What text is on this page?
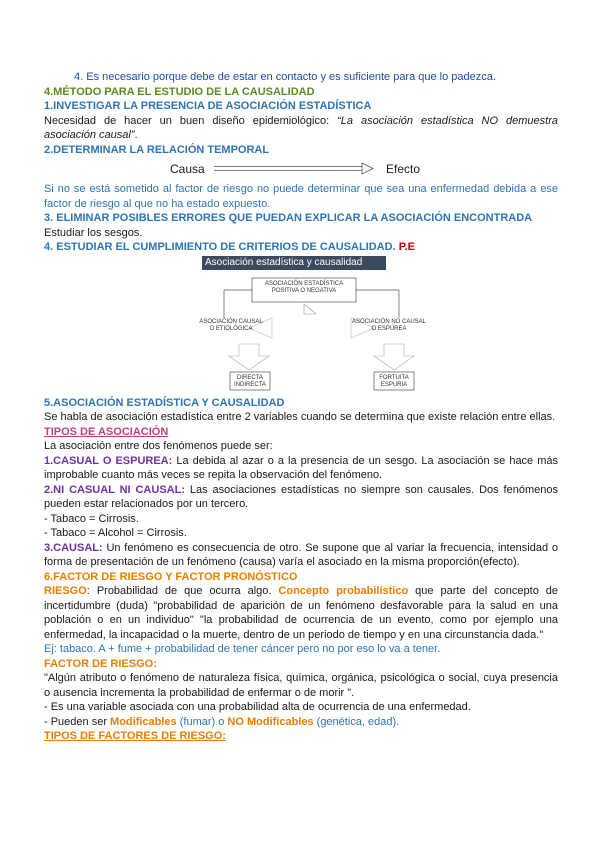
4. Es necesario porque debe de estar en contacto y es suficiente para que lo padezca.

4.MÉTODO PARA EL ESTUDIO DE LA CAUSALIDAD

1.INVESTIGAR LA PRESENCIA DE ASOCIACIÓN ESTADÍSTICA

Necesidad de hacer un buen diseño epidemiológico: “La asociación estadística NO demuestra asociación causal”.

2.DETERMINAR LA RELACIÓN TEMPORAL

Causa	Efecto

Si no se está sometido al factor de riesgo no puede determinar que sea una enfermedad debida a ese factor de riesgo al que no ha estado expuesto.

3. ELIMINAR POSIBLES ERRORES QUE PUEDAN EXPLICAR LA ASOCIACIÓN ENCONTRADA

Estudiar los sesgos.

4. ESTUDIAR EL CUMPLIMIENTO DE CRITERIOS DE CAUSALIDAD. P.E

Asociación estadística y causalidad
ASOCIACIÓN ESTADÍSTICA
POSITIVA O NEGATIVA
ASOCIACIÓN CAUSAL
O ETIOLÓGICA
ASOCIACIÓN NO CAUSAL
O ESPÚREA
DIRECTA
INDIRECTA
FORTUITA
ESPURIA

5.ASOCIACIÓN ESTADÍSTICA Y CAUSALIDAD

Se habla de asociación estadística entre 2 variables cuando se determina que existe relación entre ellas.

TIPOS DE ASOCIACIÓN

La asociación entre dos fenómenos puede ser:

1.CASUAL O ESPUREA: La debida al azar o a la presencia de un sesgo. La asociación se hace más improbable cuanto más veces se repita la observación del fenómeno.

2.NI CASUAL NI CAUSAL: Las asociaciones estadísticas no siempre son causales. Dos fenómenos pueden estar relacionados por un tercero.

- Tabaco = Cirrosis.

- Tabaco = Alcohol = Cirrosis.

3.CAUSAL: Un fenómeno es consecuencia de otro. Se supone que al variar la frecuencia, intensidad o forma de presentación de un fenómeno (causa) varía el asociado en la misma proporción(efecto).

6.FACTOR DE RIESGO Y FACTOR PRONÓSTICO

RIESGO: Probabilidad de que ocurra algo. Concepto probabilístico que parte del concepto de incertidumbre (duda) "probabilidad de aparición de un fenómeno desfavorable para la salud en una población o en un individuo" "la probabilidad de ocurrencia de un evento, como por ejemplo una enfermedad, la incapacidad o la muerte, dentro de un periodo de tiempo y en una circunstancia dada."

Ej: tabaco. A + fume + probabilidad de tener cáncer pero no por eso lo va a tener.

FACTOR DE RIESGO:

"Algún atributo o fenómeno de naturaleza física, química, orgánica, psicológica o social, cuya presencia o ausencia incrementa la probabilidad de enfermar o de morir ".

- Es una variable asociada con una probabilidad alta de ocurrencia de una enfermedad.

- Pueden ser Modificables (fumar) o NO Modificables (genética, edad).

TIPOS DE FACTORES DE RIESGO:
